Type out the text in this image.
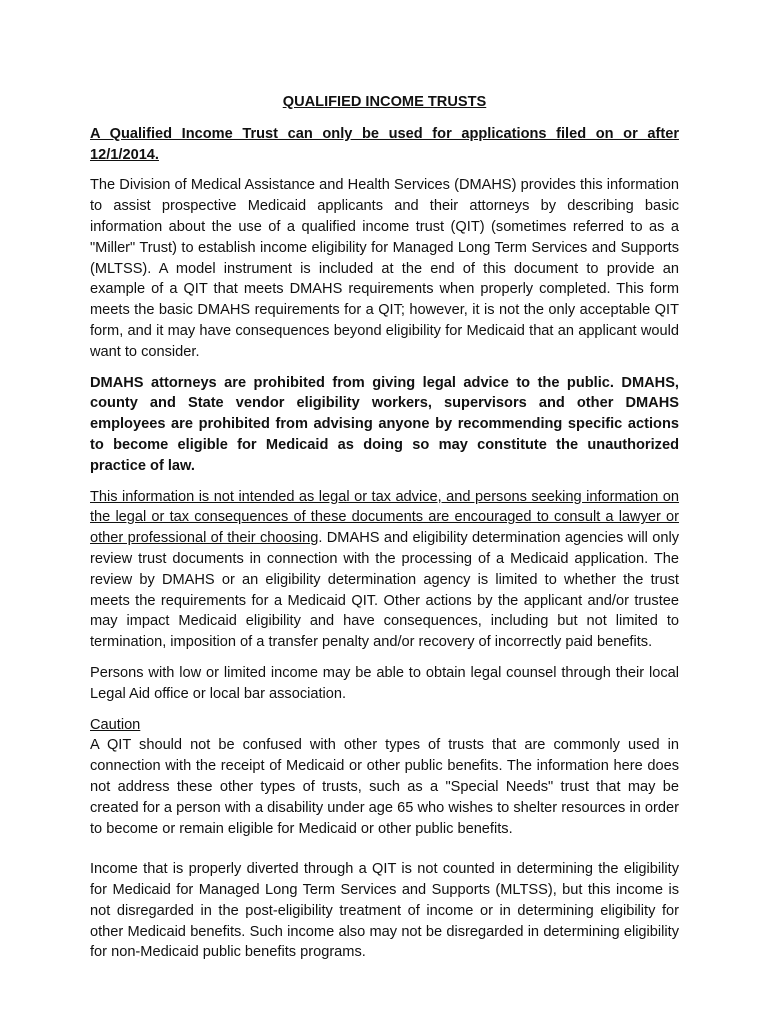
QUALIFIED INCOME TRUSTS
A Qualified Income Trust can only be used for applications filed on or after 12/1/2014.

The Division of Medical Assistance and Health Services (DMAHS) provides this information to assist prospective Medicaid applicants and their attorneys by describing basic information about the use of a qualified income trust (QIT) (sometimes referred to as a "Miller" Trust) to establish income eligibility for Managed Long Term Services and Supports (MLTSS). A model instrument is included at the end of this document to provide an example of a QIT that meets DMAHS requirements when properly completed. This form meets the basic DMAHS requirements for a QIT; however, it is not the only acceptable QIT form, and it may have consequences beyond eligibility for Medicaid that an applicant would want to consider.

DMAHS attorneys are prohibited from giving legal advice to the public. DMAHS, county and State vendor eligibility workers, supervisors and other DMAHS employees are prohibited from advising anyone by recommending specific actions to become eligible for Medicaid as doing so may constitute the unauthorized practice of law.

This information is not intended as legal or tax advice, and persons seeking information on the legal or tax consequences of these documents are encouraged to consult a lawyer or other professional of their choosing. DMAHS and eligibility determination agencies will only review trust documents in connection with the processing of a Medicaid application. The review by DMAHS or an eligibility determination agency is limited to whether the trust meets the requirements for a Medicaid QIT. Other actions by the applicant and/or trustee may impact Medicaid eligibility and have consequences, including but not limited to termination, imposition of a transfer penalty and/or recovery of incorrectly paid benefits.

Persons with low or limited income may be able to obtain legal counsel through their local Legal Aid office or local bar association.

Caution
A QIT should not be confused with other types of trusts that are commonly used in connection with the receipt of Medicaid or other public benefits. The information here does not address these other types of trusts, such as a "Special Needs" trust that may be created for a person with a disability under age 65 who wishes to shelter resources in order to become or remain eligible for Medicaid or other public benefits.

Income that is properly diverted through a QIT is not counted in determining the eligibility for Medicaid for Managed Long Term Services and Supports (MLTSS), but this income is not disregarded in the post-eligibility treatment of income or in determining eligibility for other Medicaid benefits. Such income also may not be disregarded in determining eligibility for non-Medicaid public benefits programs.
